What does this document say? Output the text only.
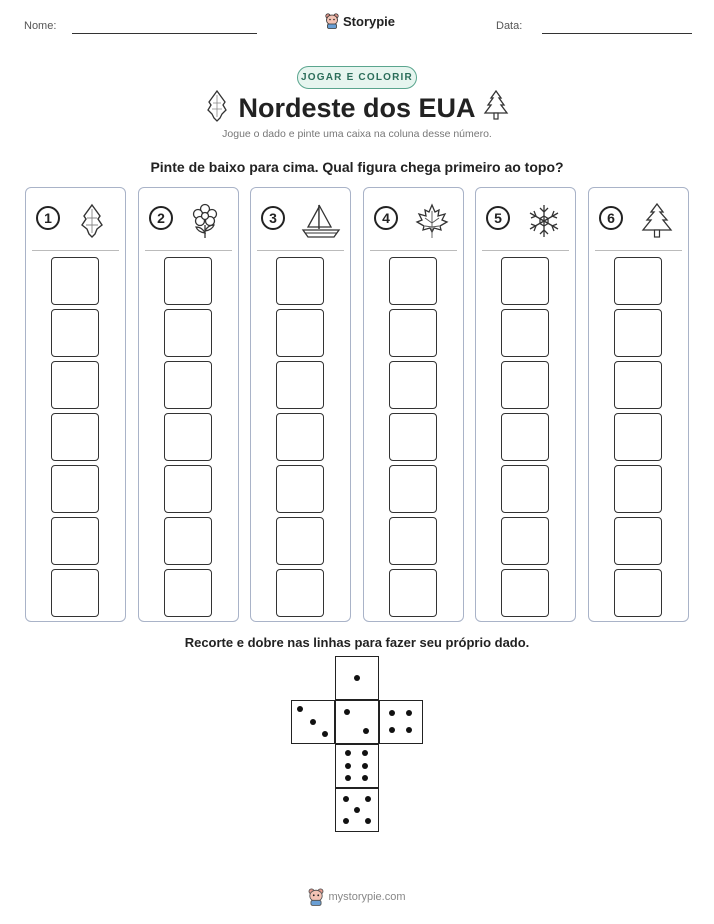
Nome:	Data:
Storypie
JOGAR E COLORIR
Nordeste dos EUA
Jogue o dado e pinte uma caixa na coluna desse número.
Pinte de baixo para cima. Qual figura chega primeiro ao topo?
1	2	3	4	5	6
Recorte e dobre nas linhas para fazer seu próprio dado.
mystorypie.com
